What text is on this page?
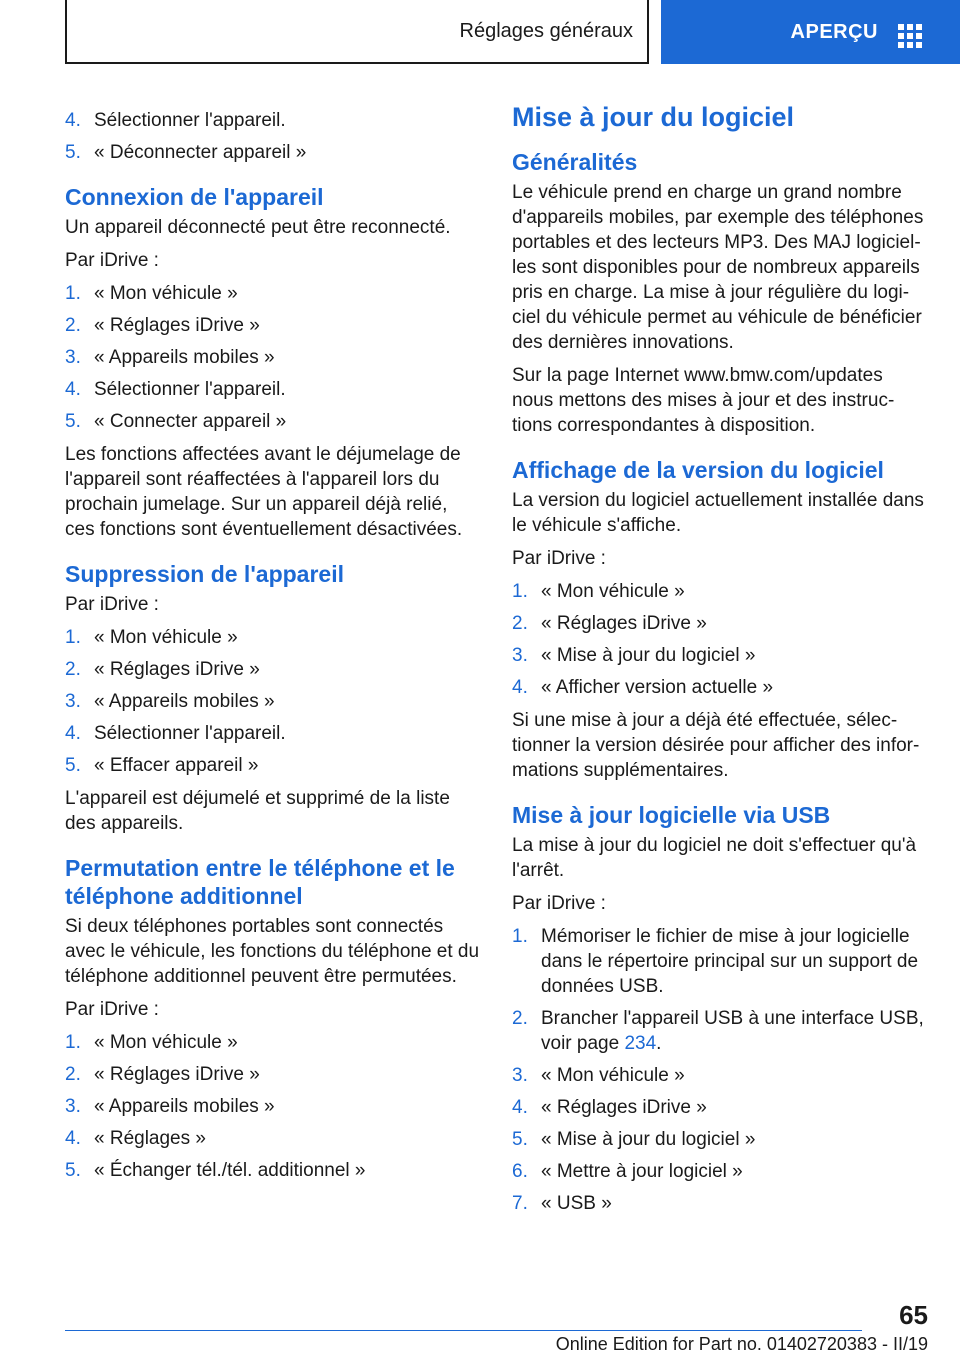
Réglages généraux	APERÇU
4. Sélectionner l'appareil.
5. « Déconnecter appareil »
Connexion de l'appareil

Un appareil déconnecté peut être reconnecté.

Par iDrive :

1. « Mon véhicule »
2. « Réglages iDrive »
3. « Appareils mobiles »
4. Sélectionner l'appareil.
5. « Connecter appareil »

Les fonctions affectées avant le déjumelage de l'appareil sont réaffectées à l'appareil lors du prochain jumelage. Sur un appareil déjà relié, ces fonctions sont éventuellement désactivées.

Suppression de l'appareil

Par iDrive :

1. « Mon véhicule »
2. « Réglages iDrive »
3. « Appareils mobiles »
4. Sélectionner l'appareil.
5. « Effacer appareil »

L'appareil est déjumelé et supprimé de la liste des appareils.

Permutation entre le téléphone et le téléphone additionnel

Si deux téléphones portables sont connectés avec le véhicule, les fonctions du téléphone et du téléphone additionnel peuvent être permutées.

Par iDrive :

1. « Mon véhicule »
2. « Réglages iDrive »
3. « Appareils mobiles »
4. « Réglages »
5. « Échanger tél./tél. additionnel »
Mise à jour du logiciel
Généralités

Le véhicule prend en charge un grand nombre d'appareils mobiles, par exemple des téléphones portables et des lecteurs MP3. Des MAJ logicielles sont disponibles pour de nombreux appareils pris en charge. La mise à jour régulière du logiciel du véhicule permet au véhicule de bénéficier des dernières innovations.

Sur la page Internet www.bmw.com/updates nous mettons des mises à jour et des instructions correspondantes à disposition.

Affichage de la version du logiciel

La version du logiciel actuellement installée dans le véhicule s'affiche.

Par iDrive :

1. « Mon véhicule »
2. « Réglages iDrive »
3. « Mise à jour du logiciel »
4. « Afficher version actuelle »

Si une mise à jour a déjà été effectuée, sélectionner la version désirée pour afficher des informations supplémentaires.

Mise à jour logicielle via USB

La mise à jour du logiciel ne doit s'effectuer qu'à l'arrêt.

Par iDrive :

1. Mémoriser le fichier de mise à jour logicielle dans le répertoire principal sur un support de données USB.
2. Brancher l'appareil USB à une interface USB, voir page 234.
3. « Mon véhicule »
4. « Réglages iDrive »
5. « Mise à jour du logiciel »
6. « Mettre à jour logiciel »
7. « USB »
65
Online Edition for Part no. 01402720383 - II/19
